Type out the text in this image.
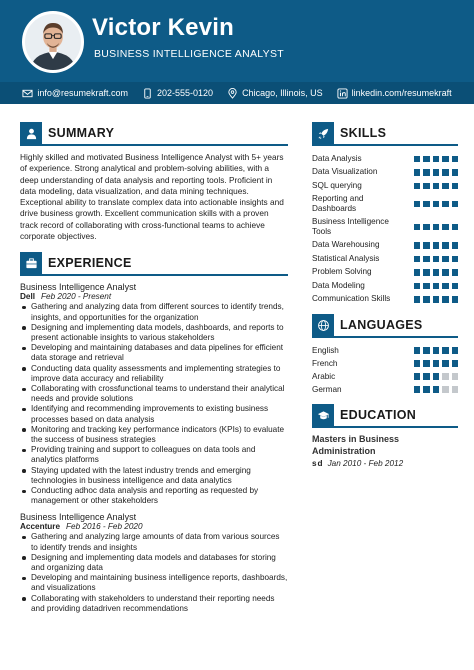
Victor Kevin
BUSINESS INTELLIGENCE ANALYST
info@resumekraft.com	202-555-0120	Chicago, Illinois, US	linkedin.com/resumekraft
SUMMARY

Highly skilled and motivated Business Intelligence Analyst with 5+ years of experience. Strong analytical and problem-solving abilities, with a deep understanding of data analysis and reporting tools. Proficient in data modeling, data visualization, and data mining techniques. Exceptional ability to translate complex data into actionable insights and drive business growth. Excellent communication skills with a proven track record of collaborating with cross-functional teams to achieve corporate objectives.

EXPERIENCE
Business Intelligence Analyst
Dell Feb 2020 - Present
Gathering and analyzing data from different sources to identify trends, insights, and opportunities for the organization
Designing and implementing data models, dashboards, and reports to present actionable insights to various stakeholders
Developing and maintaining databases and data pipelines for efficient data storage and retrieval
Conducting data quality assessments and implementing strategies to improve data accuracy and reliability
Collaborating with crossfunctional teams to understand their analytical needs and provide solutions
Identifying and recommending improvements to existing business processes based on data analysis
Monitoring and tracking key performance indicators (KPIs) to evaluate the success of business strategies
Providing training and support to colleagues on data tools and analytics platforms
Staying updated with the latest industry trends and emerging technologies in business intelligence and data analytics
Conducting adhoc data analysis and reporting as requested by management or other stakeholders
Business Intelligence Analyst
Accenture Feb 2016 - Feb 2020
Gathering and analyzing large amounts of data from various sources to identify trends and insights
Designing and implementing data models and databases for storing and organizing data
Developing and maintaining business intelligence reports, dashboards, and visualizations
Collaborating with stakeholders to understand their reporting needs and providing datadriven recommendations
SKILLS
Data Analysis
Data Visualization
SQL querying
Reporting and Dashboards
Business Intelligence Tools
Data Warehousing
Statistical Analysis
Problem Solving
Data Modeling
Communication Skills
LANGUAGES
English
French
Arabic
German
EDUCATION
Masters in Business Administration
sd Jan 2010 - Feb 2012
